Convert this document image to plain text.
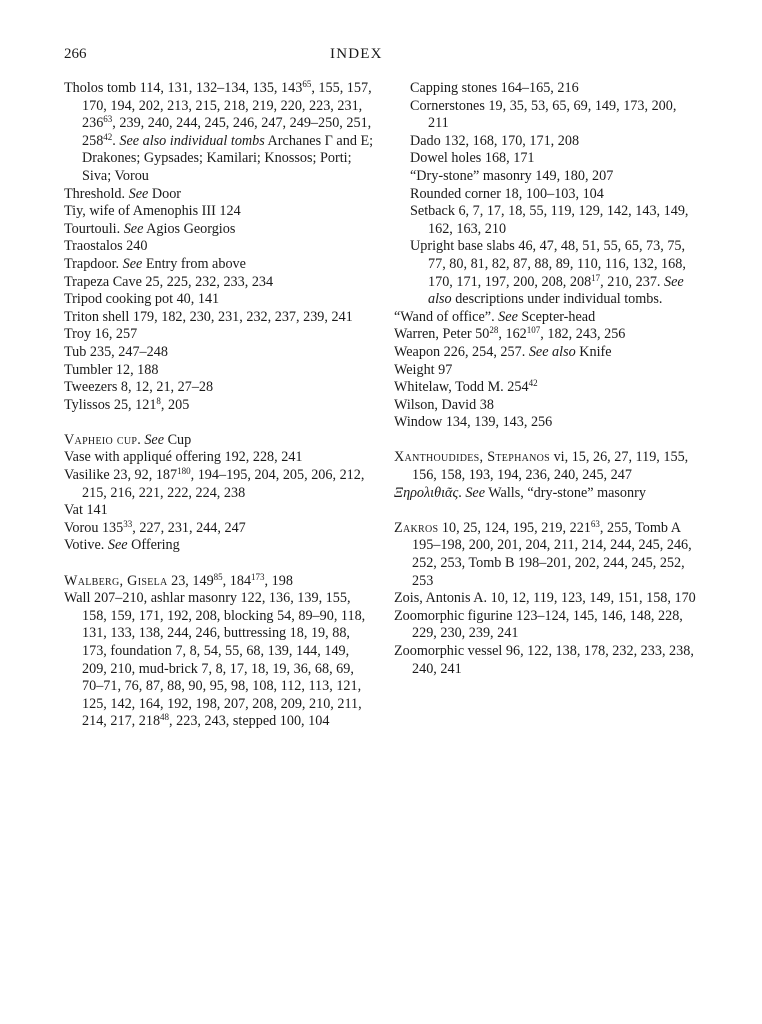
266	INDEX
Tholos tomb 114, 131, 132–134, 135, $143^{65}$, 155, 157, 170, 194, 202, 213, 215, 218, 219, 220, 223, 231, $236^{63}$, 239, 240, 244, 245, 246, 247, 249–250, 251, $258^{42}$. See also individual tombs Archanes Γ and E; Drakones; Gypsades; Kamilari; Knossos; Porti; Siva; Vorou
Threshold. See Door
Tiy, wife of Amenophis III 124
Tourtouli. See Agios Georgios
Traostalos 240
Trapdoor. See Entry from above
Trapeza Cave 25, 225, 232, 233, 234
Tripod cooking pot 40, 141
Triton shell 179, 182, 230, 231, 232, 237, 239, 241
Troy 16, 257
Tub 235, 247–248
Tumbler 12, 188
Tweezers 8, 12, 21, 27–28
Tylissos 25, $121^8$, 205
Vapheio cup. See Cup
Vase with appliqué offering 192, 228, 241
Vasilike 23, 92, $187^{180}$, 194–195, 204, 205, 206, 212, 215, 216, 221, 222, 224, 238
Vat 141
Vorou $135^{33}$, 227, 231, 244, 247
Votive. See Offering
Walberg, Gisela 23, $149^{85}$, $184^{173}$, 198
Wall 207–210, ashlar masonry 122, 136, 139, 155, 158, 159, 171, 192, 208, blocking 54, 89–90, 118, 131, 133, 138, 244, 246, buttressing 18, 19, 88, 173, foundation 7, 8, 54, 55, 68, 139, 144, 149, 209, 210, mud-brick 7, 8, 17, 18, 19, 36, 68, 69, 70–71, 76, 87, 88, 90, 95, 98, 108, 112, 113, 121, 125, 142, 164, 192, 198, 207, 208, 209, 210, 211, 214, 217, $218^{48}$, 223, 243, stepped 100, 104
Capping stones 164–165, 216
Cornerstones 19, 35, 53, 65, 69, 149, 173, 200, 211
Dado 132, 168, 170, 171, 208
Dowel holes 168, 171
“Dry-stone” masonry 149, 180, 207
Rounded corner 18, 100–103, 104
Setback 6, 7, 17, 18, 55, 119, 129, 142, 143, 149, 162, 163, 210
Upright base slabs 46, 47, 48, 51, 55, 65, 73, 75, 77, 80, 81, 82, 87, 88, 89, 110, 116, 132, 168, 170, 171, 197, 200, 208, $208^{17}$, 210, 237. See also descriptions under individual tombs.
“Wand of office”. See Scepter-head
Warren, Peter $50^{28}$, $162^{107}$, 182, 243, 256
Weapon 226, 254, 257. See also Knife
Weight 97
Whitelaw, Todd M. $254^{42}$
Wilson, David 38
Window 134, 139, 143, 256
Xanthoudides, Stephanos vi, 15, 26, 27, 119, 155, 156, 158, 193, 194, 236, 240, 245, 247
Ξηρολιθιᾶς. See Walls, “dry-stone” masonry
Zakros 10, 25, 124, 195, 219, $221^{63}$, 255, Tomb A 195–198, 200, 201, 204, 211, 214, 244, 245, 246, 252, 253, Tomb B 198–201, 202, 244, 245, 252, 253
Zois, Antonis A. 10, 12, 119, 123, 149, 151, 158, 170
Zoomorphic figurine 123–124, 145, 146, 148, 228, 229, 230, 239, 241
Zoomorphic vessel 96, 122, 138, 178, 232, 233, 238, 240, 241
